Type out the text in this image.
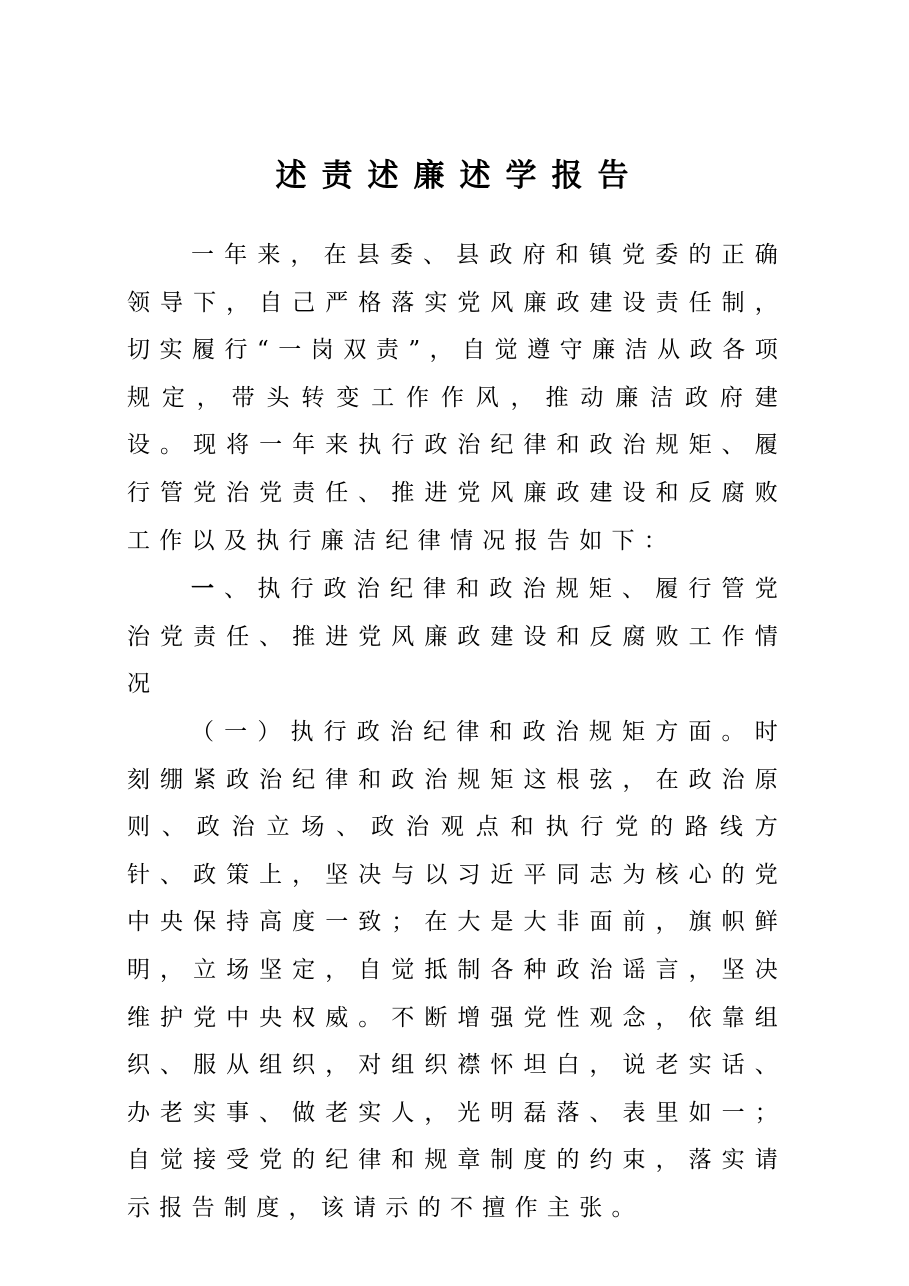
述责述廉述学报告

一年来，在县委、县政府和镇党委的正确领导下，自己严格落实党风廉政建设责任制，切实履行“一岗双责”，自觉遵守廉洁从政各项规定，带头转变工作作风，推动廉洁政府建设。现将一年来执行政治纪律和政治规矩、履行管党治党责任、推进党风廉政建设和反腐败工作以及执行廉洁纪律情况报告如下：

一、执行政治纪律和政治规矩、履行管党治党责任、推进党风廉政建设和反腐败工作情况

（一）执行政治纪律和政治规矩方面。时刻绷紧政治纪律和政治规矩这根弦，在政治原则、政治立场、政治观点和执行党的路线方针、政策上，坚决与以习近平同志为核心的党中央保持高度一致；在大是大非面前，旗帜鲜明，立场坚定，自觉抵制各种政治谣言，坚决维护党中央权威。不断增强党性观念，依靠组织、服从组织，对组织襟怀坦白，说老实话、办老实事、做老实人，光明磊落、表里如一；自觉接受党的纪律和规章制度的约束，落实请示报告制度，该请示的不擅作主张。
